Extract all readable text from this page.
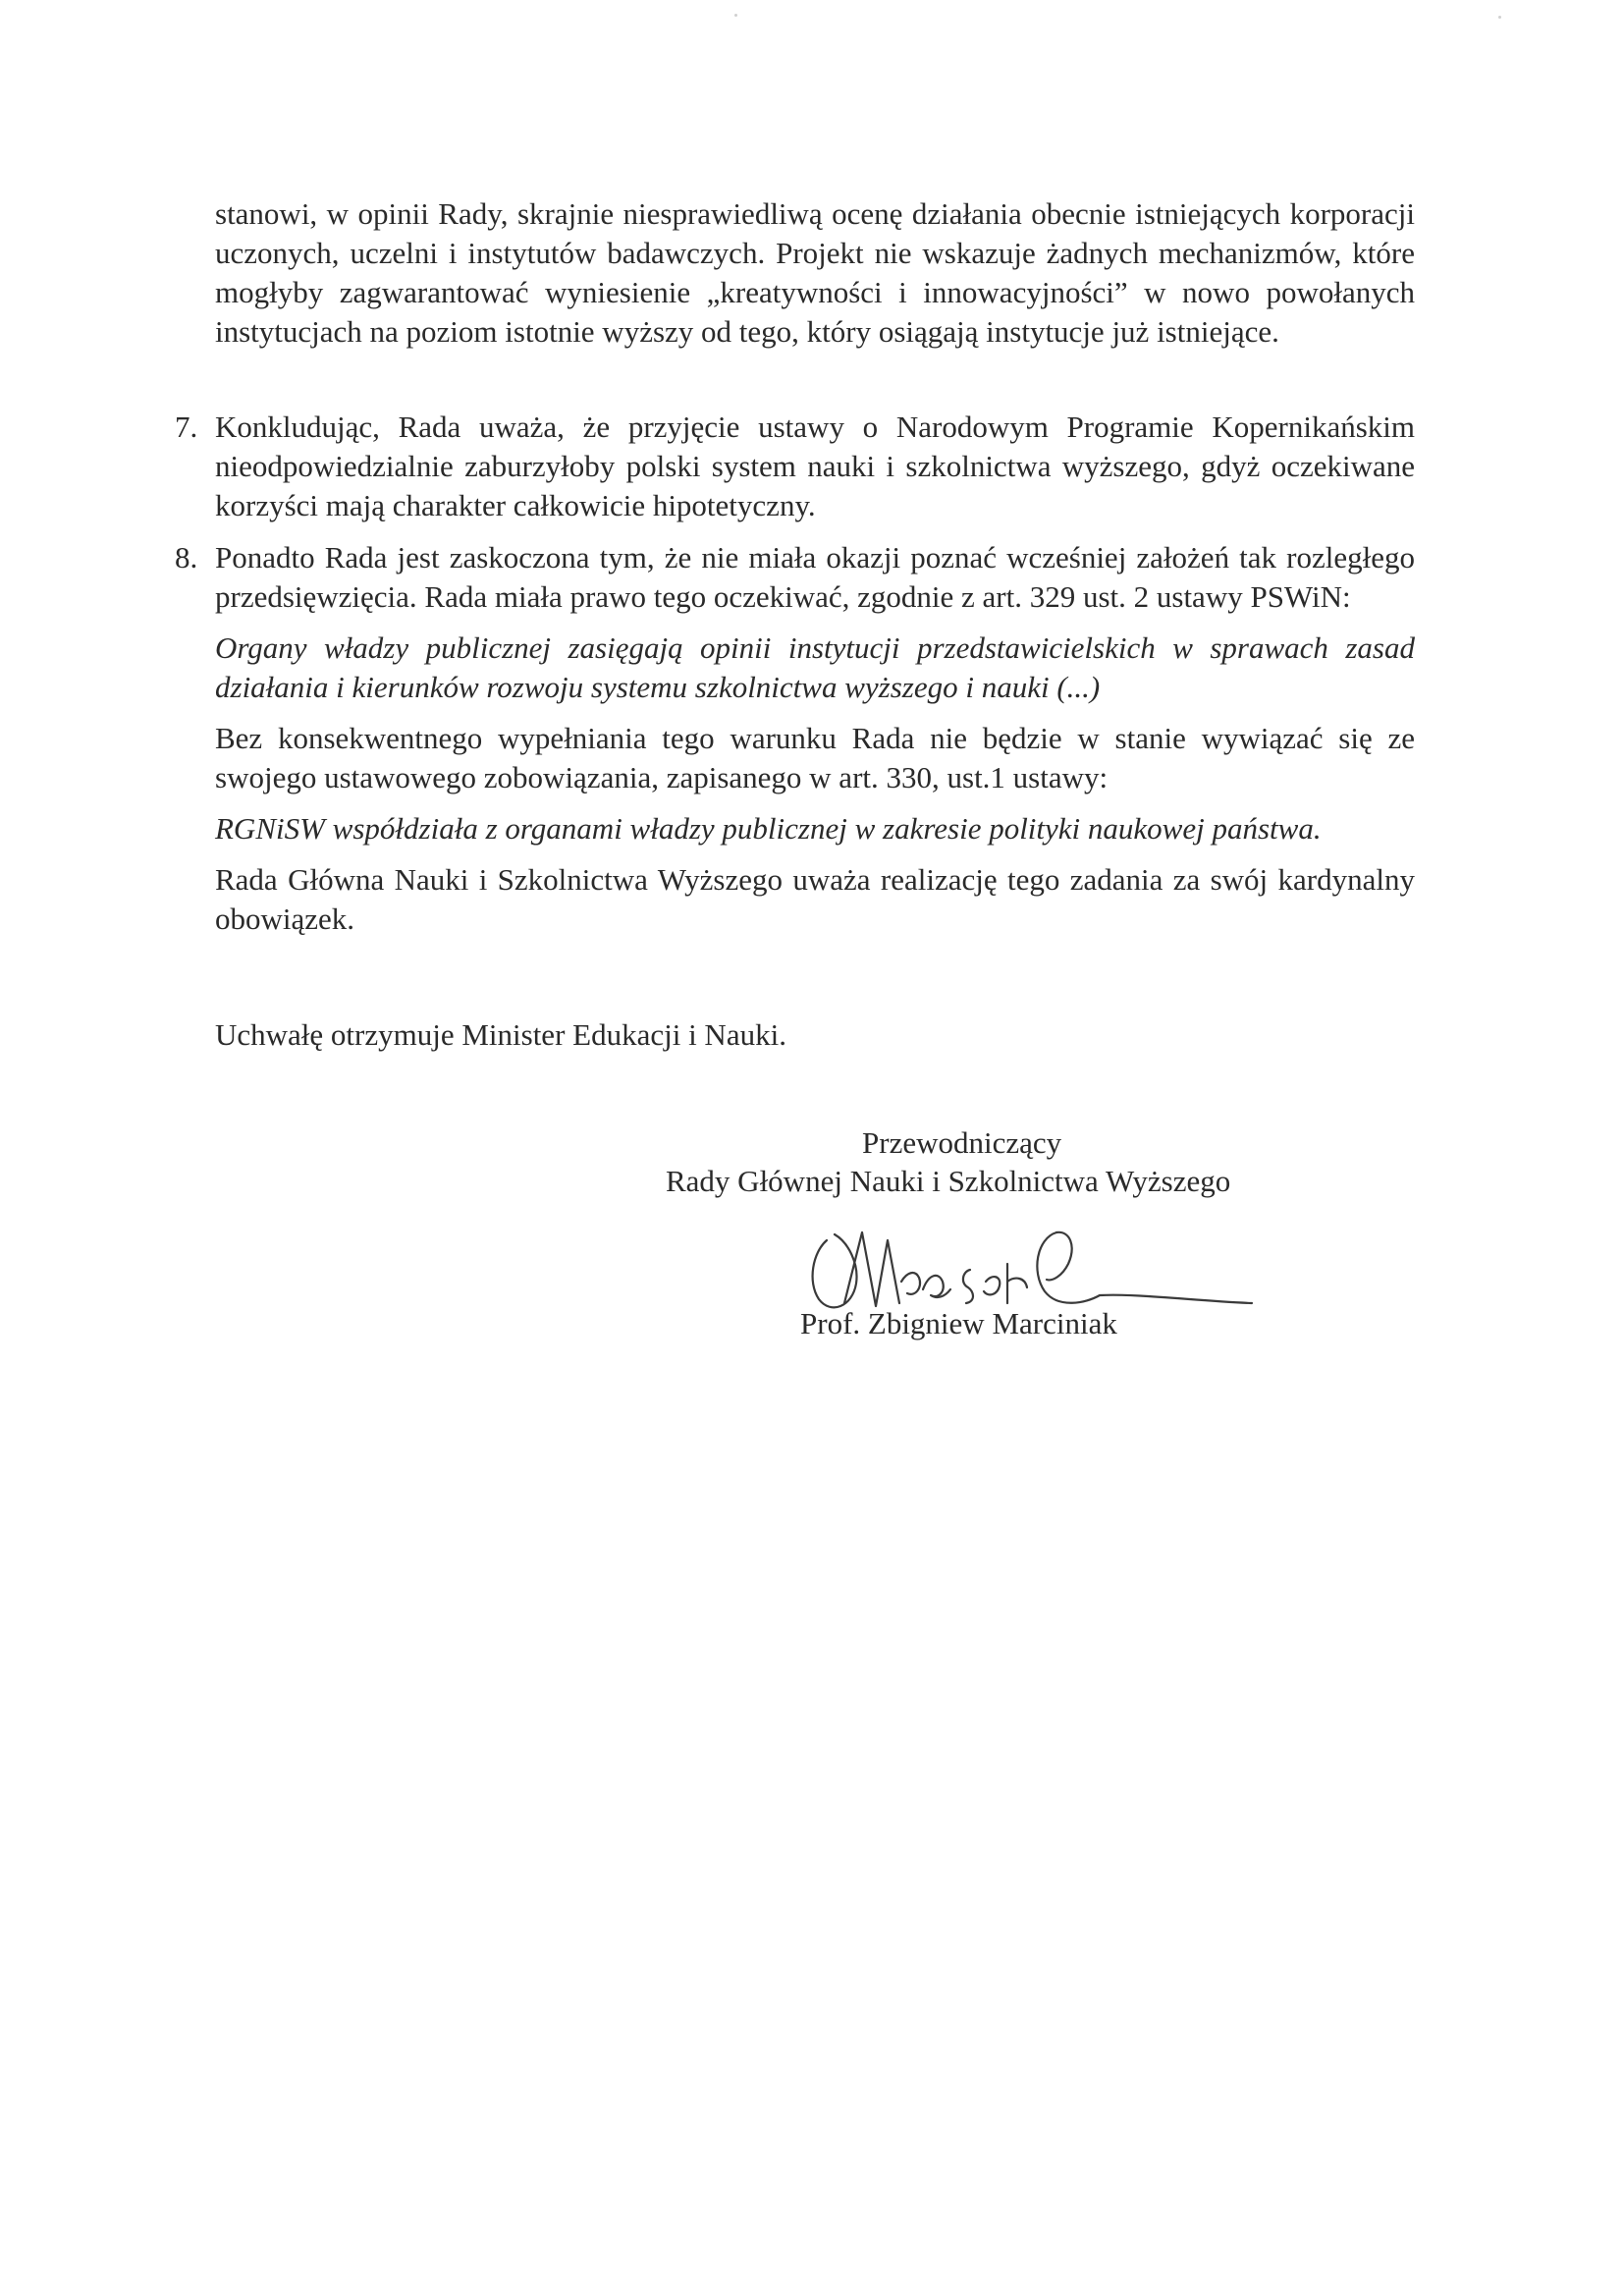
stanowi, w opinii Rady, skrajnie niesprawiedliwą ocenę działania obecnie istniejących korporacji uczonych, uczelni i instytutów badawczych. Projekt nie wskazuje żadnych mechanizmów, które mogłyby zagwarantować wyniesienie „kreatywności i innowacyjności” w nowo powołanych instytucjach na poziom istotnie wyższy od tego, który osiągają instytucje już istniejące.
7. Konkludując, Rada uważa, że przyjęcie ustawy o Narodowym Programie Kopernikańskim nieodpowiedzialnie zaburzyłoby polski system nauki i szkolnictwa wyższego, gdyż oczekiwane korzyści mają charakter całkowicie hipotetyczny.
8. Ponadto Rada jest zaskoczona tym, że nie miała okazji poznać wcześniej założeń tak rozległego przedsięwzięcia. Rada miała prawo tego oczekiwać, zgodnie z art. 329 ust. 2 ustawy PSWiN:
Organy władzy publicznej zasięgają opinii instytucji przedstawicielskich w sprawach zasad działania i kierunków rozwoju systemu szkolnictwa wyższego i nauki (...)
Bez konsekwentnego wypełniania tego warunku Rada nie będzie w stanie wywiązać się ze swojego ustawowego zobowiązania, zapisanego w art. 330, ust.1 ustawy:
RGNiSW współdziała z organami władzy publicznej w zakresie polityki naukowej państwa.
Rada Główna Nauki i Szkolnictwa Wyższego uważa realizację tego zadania za swój kardynalny obowiązek.
Uchwałę otrzymuje Minister Edukacji i Nauki.
Przewodniczący
Rady Głównej Nauki i Szkolnictwa Wyższego
Prof. Zbigniew Marciniak
